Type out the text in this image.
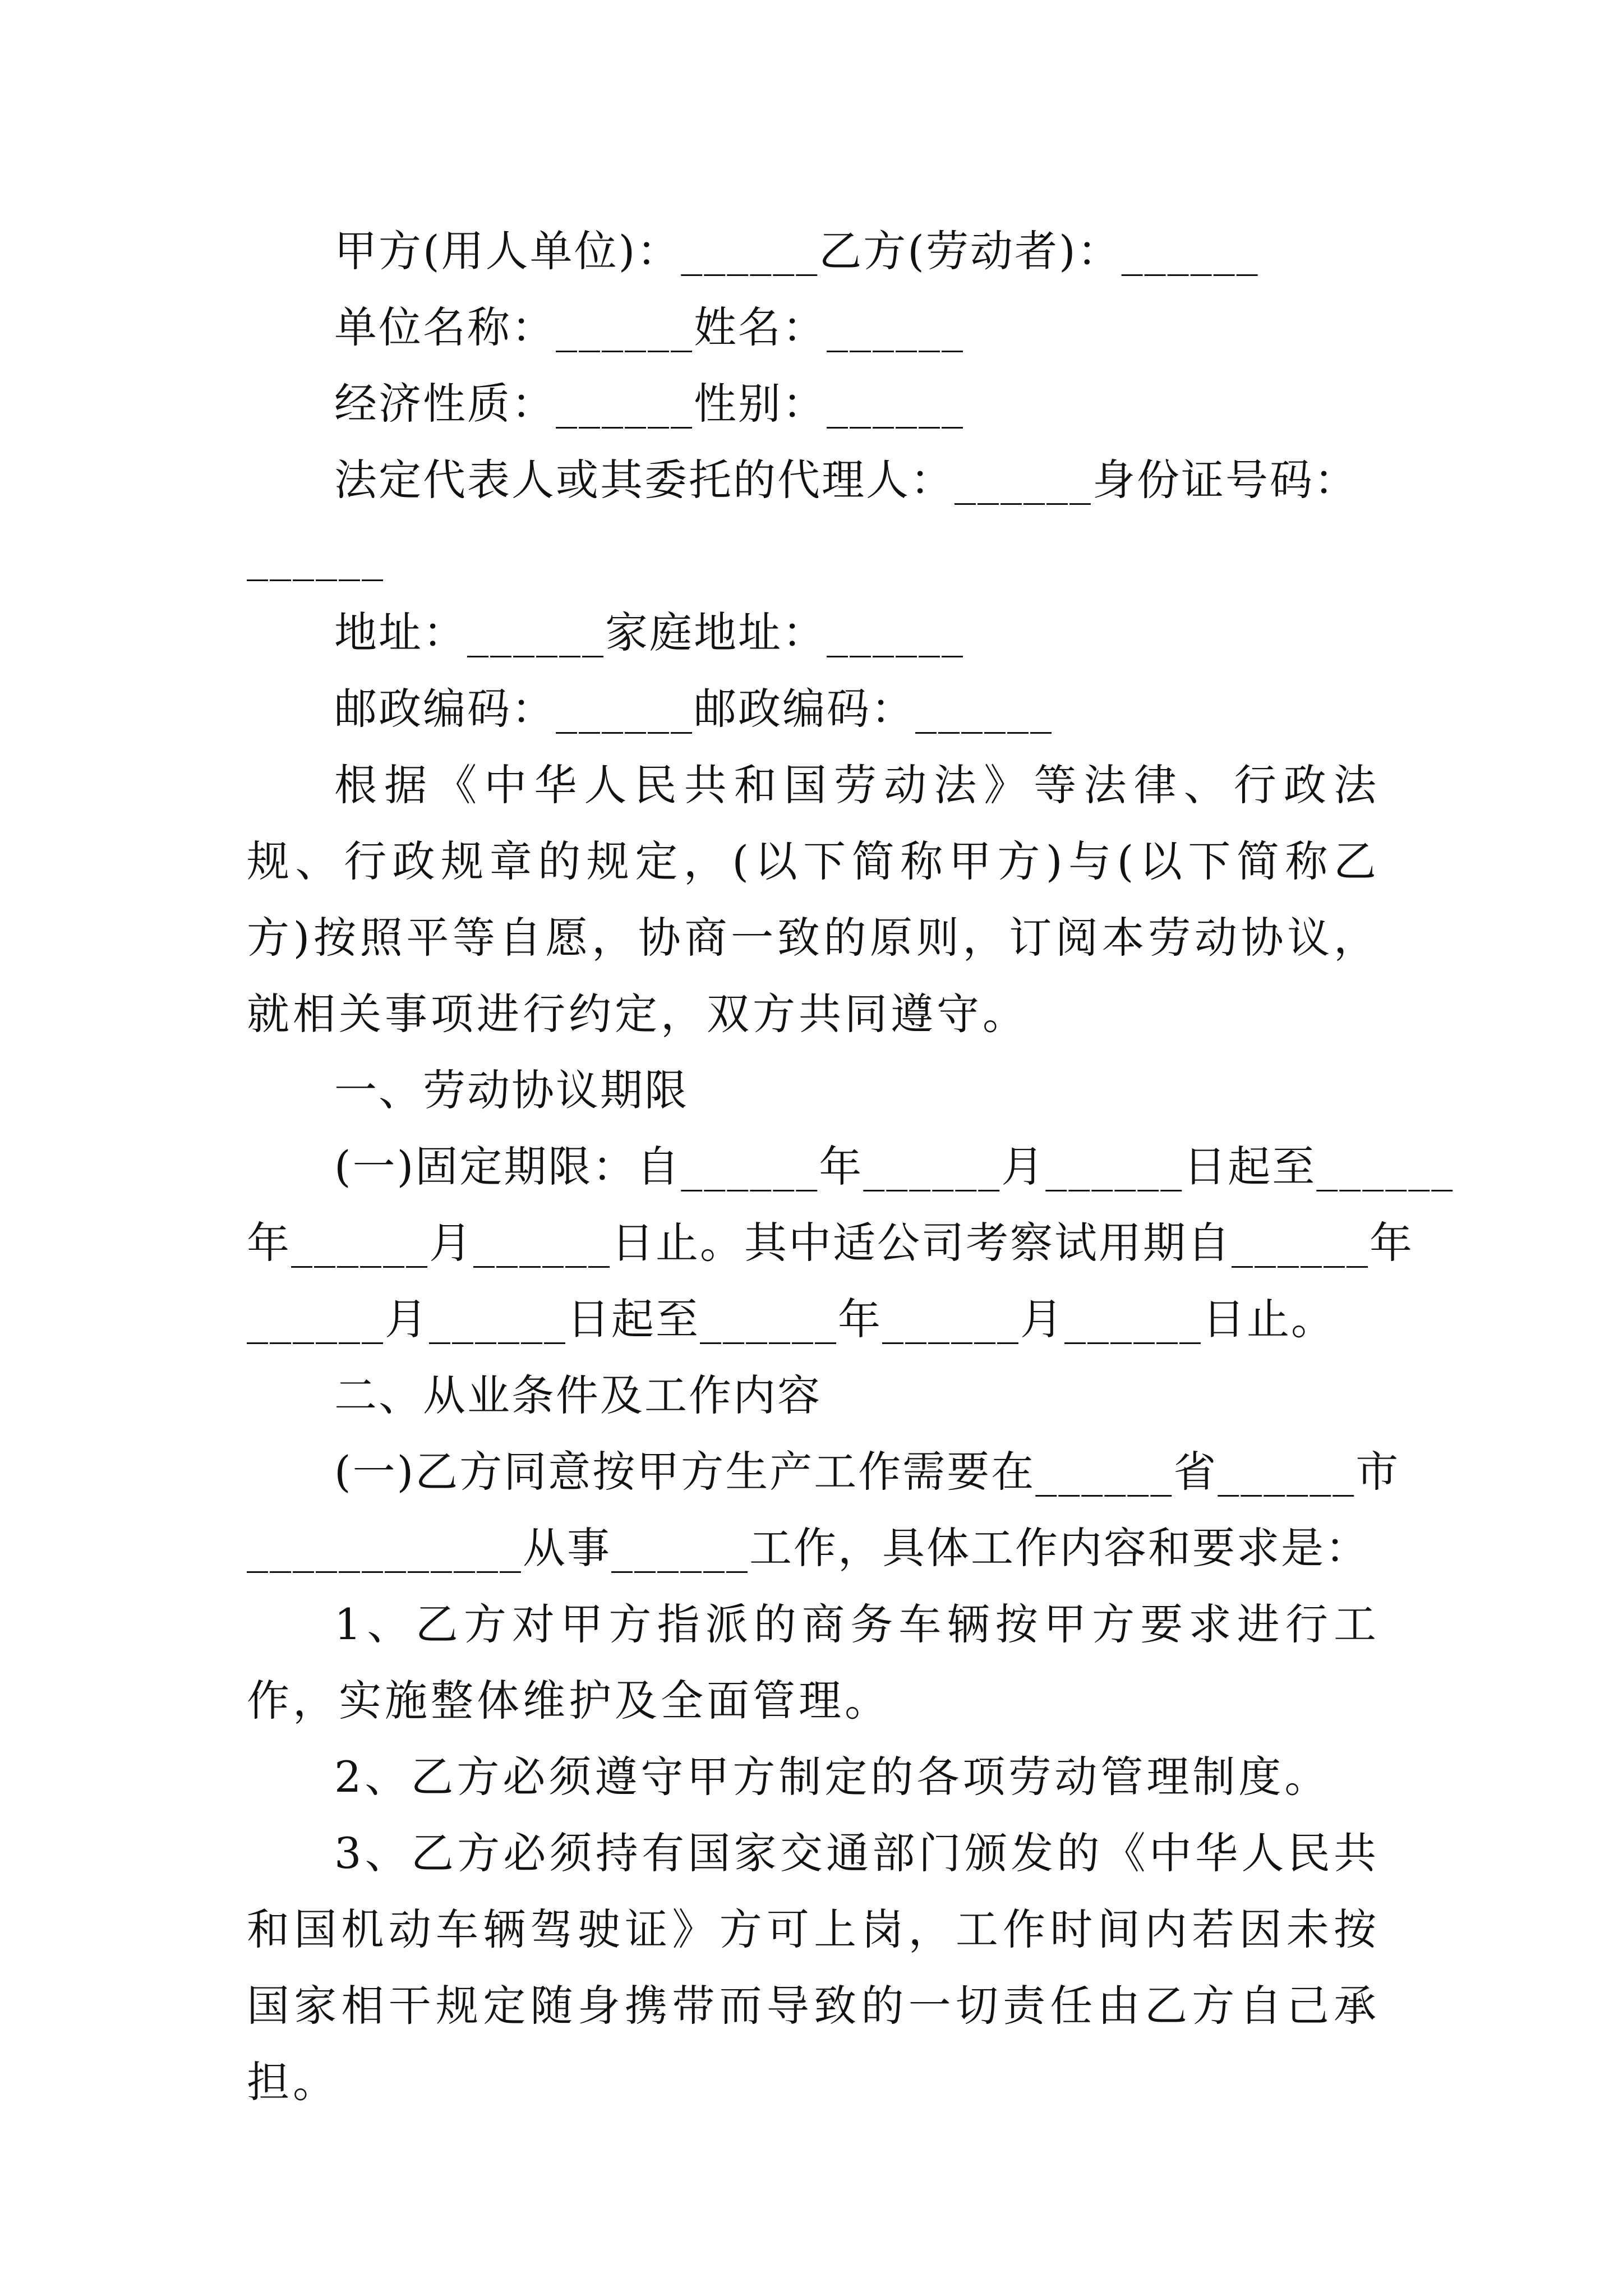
甲方(用人单位)：______乙方(劳动者)：______
单位名称：______姓名：______
经济性质：______性别：______
法定代表人或其委托的代理人：______身份证号码：
______
地址：______家庭地址：______
邮政编码：______邮政编码：______

根据《中华人民共和国劳动法》等法律、行政法规、行政规章的规定，(以下简称甲方)与(以下简称乙方)按照平等自愿，协商一致的原则，订阅本劳动协议，就相关事项进行约定，双方共同遵守。

一、劳动协议期限
(一)固定期限：自______年______月______日起至______
年______月______日止。其中适公司考察试用期自______年
______月______日起至______年______月______日止。
二、从业条件及工作内容
(一)乙方同意按甲方生产工作需要在______省______市
____________从事______工作，具体工作内容和要求是：

1、乙方对甲方指派的商务车辆按甲方要求进行工作，实施整体维护及全面管理。

2、乙方必须遵守甲方制定的各项劳动管理制度。

3、乙方必须持有国家交通部门颁发的《中华人民共和国机动车辆驾驶证》方可上岗，工作时间内若因未按国家相干规定随身携带而导致的一切责任由乙方自己承担。
